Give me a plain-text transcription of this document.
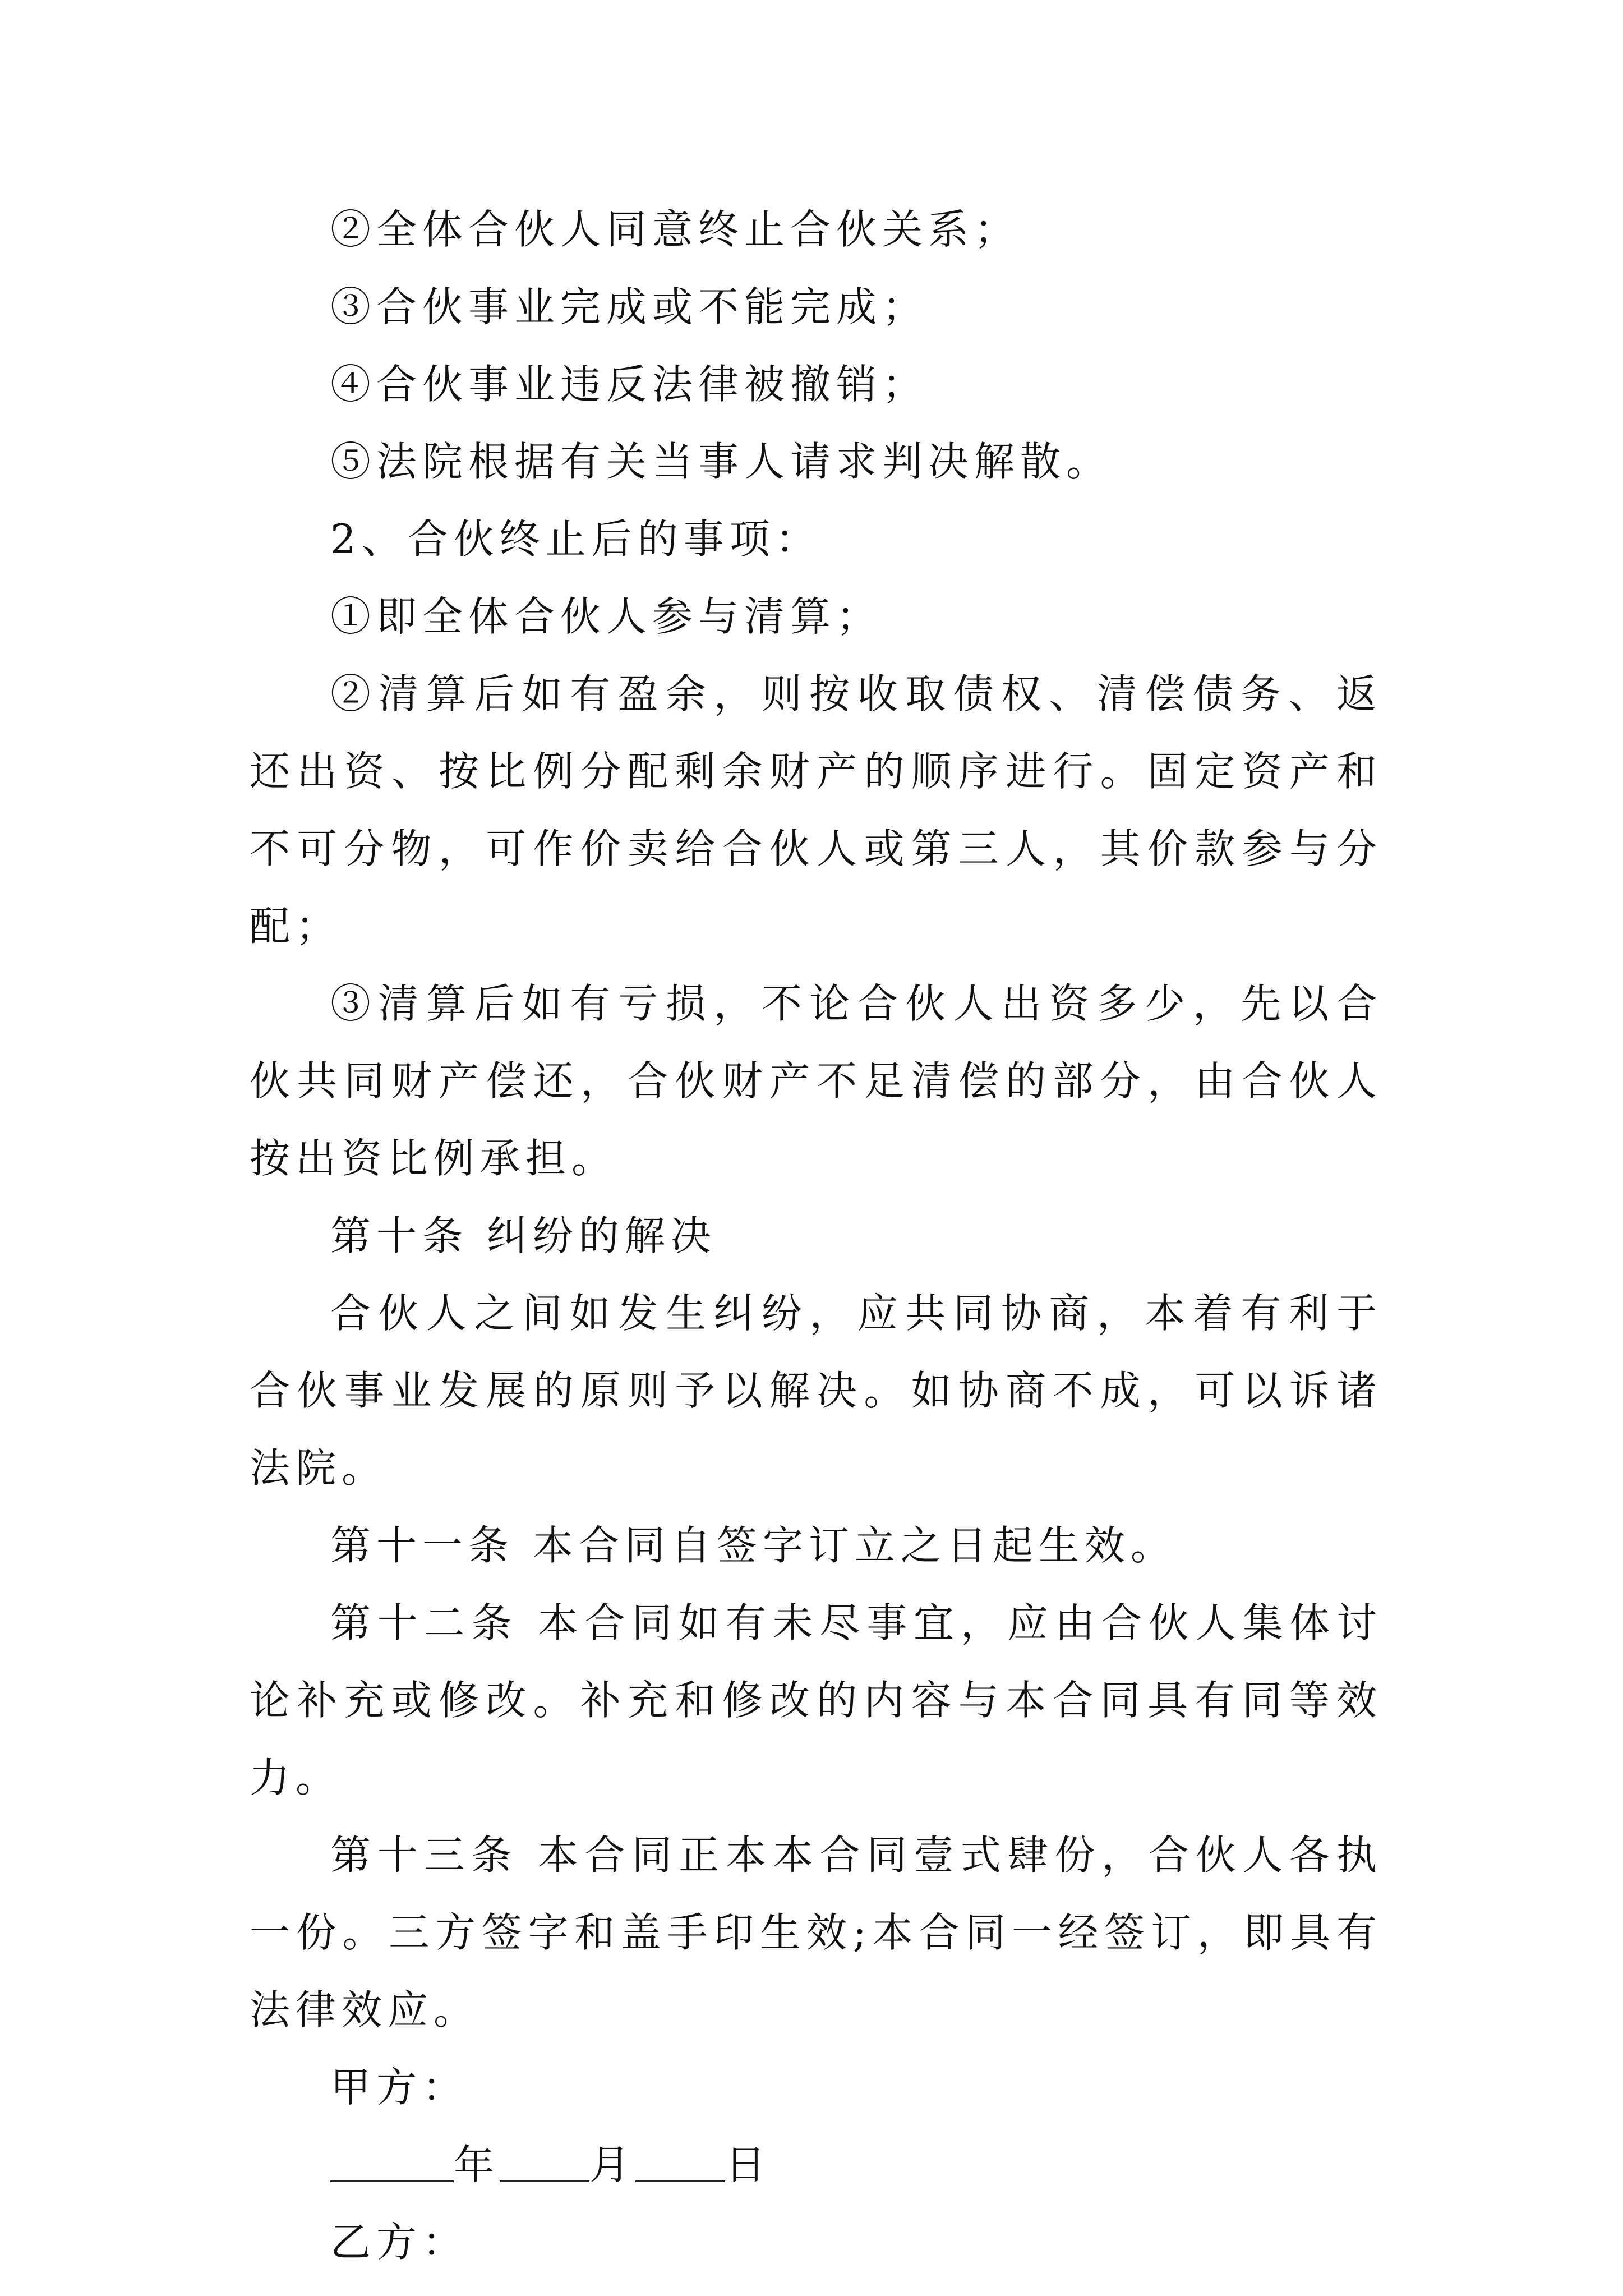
②全体合伙人同意终止合伙关系；

③合伙事业完成或不能完成；

④合伙事业违反法律被撤销；

⑤法院根据有关当事人请求判决解散。

2、合伙终止后的事项：

①即全体合伙人参与清算；

②清算后如有盈余，则按收取债权、清偿债务、返还出资、按比例分配剩余财产的顺序进行。固定资产和不可分物，可作价卖给合伙人或第三人，其价款参与分配；

③清算后如有亏损，不论合伙人出资多少，先以合伙共同财产偿还，合伙财产不足清偿的部分，由合伙人按出资比例承担。

第十条 纠纷的解决

合伙人之间如发生纠纷，应共同协商，本着有利于合伙事业发展的原则予以解决。如协商不成，可以诉诸法院。

第十一条 本合同自签字订立之日起生效。

第十二条 本合同如有未尽事宜，应由合伙人集体讨论补充或修改。补充和修改的内容与本合同具有同等效力。

第十三条 本合同正本本合同壹式肆份，合伙人各执一份。三方签字和盖手印生效;本合同一经签订，即具有法律效应。

甲方：

年 月 日

乙方：
